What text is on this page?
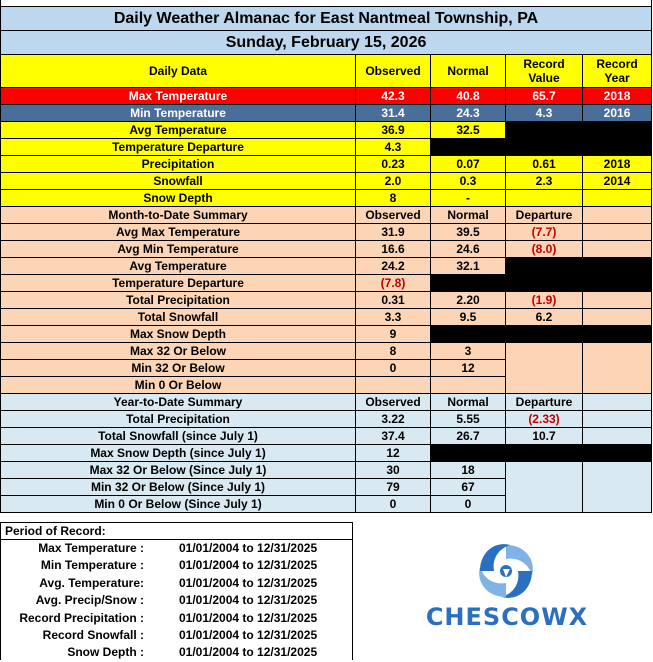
Daily Weather Almanac for East Nantmeal Township, PA				
Sunday, February 15, 2026				
Daily Data	Observed	Normal	Record Value	Record Year
Max Temperature	42.3	40.8	65.7	2018
Min Temperature	31.4	24.3	4.3	2016
Avg Temperature	36.9	32.5		
Temperature Departure	4.3			
Precipitation	0.23	0.07	0.61	2018
Snowfall	2.0	0.3	2.3	2014
Snow Depth	8	-		
Month-to-Date Summary	Observed	Normal	Departure	
Avg Max Temperature	31.9	39.5	(7.7)	
Avg Min Temperature	16.6	24.6	(8.0)	
Avg Temperature	24.2	32.1		
Temperature Departure	(7.8)			
Total Precipitation	0.31	2.20	(1.9)	
Total Snowfall	3.3	9.5	6.2	
Max Snow Depth	9			
Max 32 Or Below	8	3		
Min 32 Or Below	0	12		
Min 0 Or Below				
Year-to-Date Summary	Observed	Normal	Departure	
Total Precipitation	3.22	5.55	(2.33)	
Total Snowfall (since July 1)	37.4	26.7	10.7	
Max Snow Depth (since July 1)	12			
Max 32 Or Below (Since July 1)	30	18		
Min 32 Or Below (Since July 1)	79	67		
Min 0 Or Below (Since July 1)	0	0		
Period of Record:
Max Temperature :	01/01/2004 to 12/31/2025
Min Temperature :	01/01/2004 to 12/31/2025
Avg. Temperature:	01/01/2004 to 12/31/2025
Avg. Precip/Snow :	01/01/2004 to 12/31/2025
Record Precipitation :	01/01/2004 to 12/31/2025
Record Snowfall :	01/01/2004 to 12/31/2025
Snow Depth :	01/01/2004 to 12/31/2025
CHESCOWX
